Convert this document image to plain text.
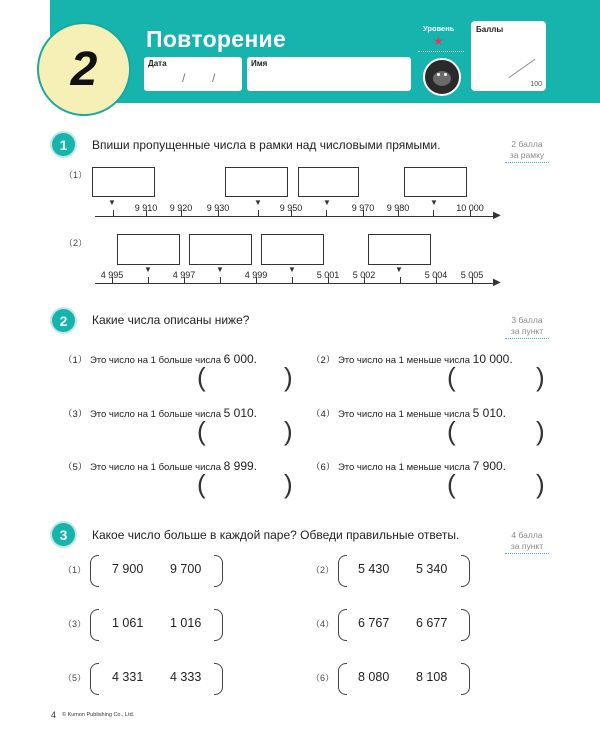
2
Повторение
Дата
/ /
Имя
Уровень
★
Баллы
100
1	Впиши пропущенные числа в рамки над числовыми прямыми.	2 балла
за рамку
（1）
▼	▼	▼	▼
▶
9 910 9 920 9 930	9 950	9 970 9 980	10 000
（2）
▼	▼	▼	▼
▶
4 995	4 997	4 999	5 001 5 002	5 004 5 005
2	Какие числа описаны ниже?	3 балла
за пункт
（1） Это число на 1 больше числа 6 000.
(	)
（2） Это число на 1 меньше числа 10 000.
(	)
（3） Это число на 1 больше числа 5 010.
(	)
（4） Это число на 1 меньше числа 5 010.
(	)
（5） Это число на 1 больше числа 8 999.
(	)
（6） Это число на 1 меньше числа 7 900.
(	)
3	Какое число больше в каждой паре? Обведи правильные ответы.	4 балла
за пункт
（1） 7 900 9 700	（2） 5 430 5 340
（3） 1 061 1 016	（4） 6 767 6 677
（5） 4 331 4 333	（6） 8 080 8 108
4 © Kumon Publishing Co., Ltd.
